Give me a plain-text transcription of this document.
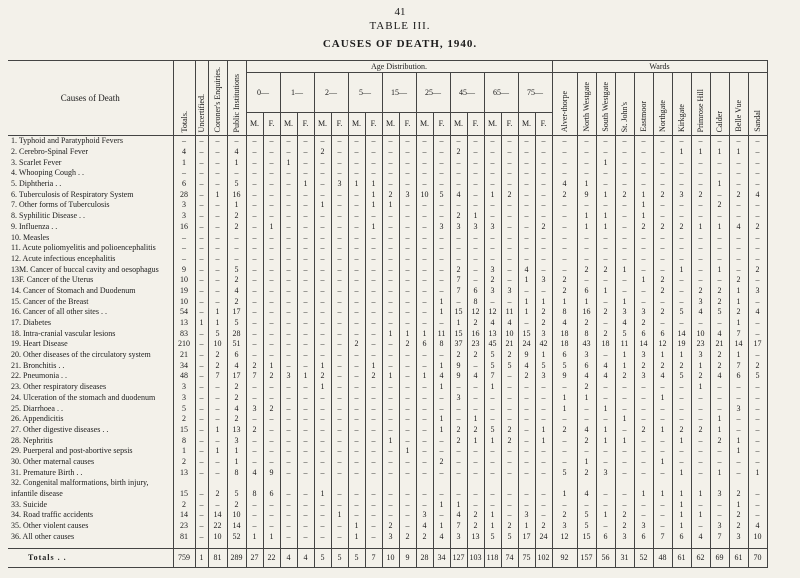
41
TABLE III.
CAUSES OF DEATH, 1940.
Causes of Death	Totals.	Uncertified.	Coroner's Enquiries.	Public Institutions	Age Distribution.																		Wards										
					0—		1—		2—		5—		15—		25—		45—		65—		75—		Alver-thorpe	North Westgate	South Westgate	St. John's	Eastmoor	Northgate	Kirkgate	Primrose Hill	Calder	Belle Vue	Sandal
					M.	F.	M.	F.	M.	F.	M.	F.	M.	F.	M.	F.	M.	F.	M.	F.	M.	F.											
1. Typhoid and Paratyphoid Fevers	–	–	–	–	–	–	–	–	–	–	–	–	–	–	–	–	–	–	–	–	–	–	–	–	–	–	–	–	–	–	–	–	–
2. Cerebro-Spinal Fever	4	–	–	4	–	–	–	–	2	–	–	–	–	–	–	–	2	–	–	–	–	–	–	–	–	–	–	–	1	1	1	1	–
3. Scarlet Fever	1	–	–	1	–	–	1	–	–	–	–	–	–	–	–	–	–	–	–	–	–	–	–	–	1	–	–	–	–	–	–	–	–
4. Whooping Cough . .	–	–	–	–	–	–	–	–	–	–	–	–	–	–	–	–	–	–	–	–	–	–	–	–	–	–	–	–	–	–	–	–	–
5. Diphtheria . .	6	–	–	5	–	–	–	1	–	3	1	1	–	–	–	–	–	–	–	–	–	–	4	1	–	–	–	–	–	–	1	–	–
6. Tuberculosis of Respiratory System	28	–	1	16	–	–	–	–	–	–	–	1	2	3	10	5	4	–	1	2	–	–	2	9	1	2	1	2	3	2	–	2	4
7. Other forms of Tuberculosis	3	–	–	1	–	–	–	–	1	–	–	1	1	–	–	–	–	–	–	–	–	–	–	–	–	–	1	–	–	–	2	–	–
8. Syphilitic Disease . .	3	–	–	2	–	–	–	–	–	–	–	–	–	–	–	–	2	1	–	–	–	–	–	1	1	–	1	–	–	–	–	–	–
9. Influenza . .	16	–	–	2	–	1	–	–	–	–	–	1	–	–	–	3	3	3	3	–	–	2	–	1	1	–	2	2	2	1	1	4	2
10. Measles	–	–	–	–	–	–	–	–	–	–	–	–	–	–	–	–	–	–	–	–	–	–	–	–	–	–	–	–	–	–	–	–	–
11. Acute poliomyelitis and polioencephalitis	–	–	–	–	–	–	–	–	–	–	–	–	–	–	–	–	–	–	–	–	–	–	–	–	–	–	–	–	–	–	–	–	–
12. Acute infectious encephalitis	–	–	–	–	–	–	–	–	–	–	–	–	–	–	–	–	–	–	–	–	–	–	–	–	–	–	–	–	–	–	–	–	–
13M. Cancer of buccal cavity and oesophagus	9	–	–	5	–	–	–	–	–	–	–	–	–	–	–	–	2	–	3	–	4	–	–	2	2	1	–	–	1	–	1	–	2
13F. Cancer of the Uterus	10	–	–	2	–	–	–	–	–	–	–	–	–	–	–	–	7	–	2	–	1	3	2	–	–	–	1	2	–	–	–	2	–
14. Cancer of Stomach and Duodenum	19	–	–	4	–	–	–	–	–	–	–	–	–	–	–	–	7	6	3	3	–	–	2	6	1	–	–	2	–	2	2	1	3
15. Cancer of the Breast	10	–	–	2	–	–	–	–	–	–	–	–	–	–	–	1	–	8	–	–	1	1	1	1	–	1	–	–	–	3	2	1	–
16. Cancer of all other sites . .	54	–	1	17	–	–	–	–	–	–	–	–	–	–	–	1	15	12	12	11	1	2	8	16	2	3	3	2	5	4	5	2	4
17. Diabetes	13	1	1	5	–	–	–	–	–	–	–	–	–	–	–	–	1	2	4	4	–	2	4	2	–	4	2	–	–	–	–	1	–
18. Intra-cranial vascular lesions	83	–	5	28	–	–	–	–	–	–	–	–	1	1	1	11	15	16	13	10	15	3	18	8	2	5	6	6	14	10	4	7	–
19. Heart Disease	210	–	10	51	–	–	–	–	–	–	2	–	–	2	6	8	37	23	45	21	24	42	18	43	18	11	14	12	19	23	21	14	17
20. Other diseases of the circulatory system	21	–	2	6	–	–	–	–	–	–	–	–	–	–	–	–	2	2	5	2	9	1	6	3	–	1	3	1	1	3	2	1	–
21. Bronchitis . .	34	–	2	4	2	1	–	–	1	–	–	1	–	–	–	1	9	–	5	5	4	5	5	6	4	1	2	2	2	1	2	7	2
22. Pneumonia . .	48	–	7	17	7	2	3	1	2	–	–	2	1	–	1	4	9	4	7	–	2	3	9	4	4	2	3	4	5	2	4	6	5
23. Other respiratory diseases	3	–	–	2	–	–	–	–	1	–	–	–	–	–	–	1	–	–	1	–	–	–	–	2	–	–	–	–	–	1	–	–	–
24. Ulceration of the stomach and duodenum	3	–	–	2	–	–	–	–	–	–	–	–	–	–	–	–	3	–	–	–	–	–	1	1	–	–	–	1	–	–	–	–	–
25. Diarrhoea . .	5	–	–	4	3	2	–	–	–	–	–	–	–	–	–	–	–	–	–	–	–	–	1	–	1	–	–	–	–	–	–	3	–
26. Appendicitis	2	–	–	2	–	–	–	–	–	–	–	–	–	–	–	1	–	1	–	–	–	–	–	–	–	1	–	–	–	–	1	–	–
27. Other digestive diseases . .	15	–	1	13	2	–	–	–	–	–	–	–	–	–	–	1	2	2	5	2	–	1	2	4	1	–	2	1	2	2	1	–	–
28. Nephritis	8	–	–	3	–	–	–	–	–	–	–	–	1	–	–	–	2	1	1	2	–	1	–	2	1	1	–	–	1	–	2	1	–
29. Puerperal and post-abortive sepsis	1	–	1	1	–	–	–	–	–	–	–	–	–	1	–	–	–	–	–	–	–	–	–	–	–	–	–	–	–	–	–	1	–
30. Other maternal causes	2	–	–	1	–	–	–	–	–	–	–	–	–	–	–	2	–	–	–	–	–	–	–	1	–	–	–	1	–	–	–	–	–
31. Premature Birth . .	13	–	–	8	4	9	–	–	–	–	–	–	–	–	–	–	–	–	–	–	–	–	5	2	3	–	–	–	1	–	1	–	1
32. Congenital malformations, birth injury,																																	
infantile disease	15	–	2	5	8	6	–	–	1	–	–	–	–	–	–	–	–	–	–	–	–	–	1	4	–	–	1	1	1	1	3	2	–
33. Suicide	2	–	–	2	–	–	–	–	–	–	–	–	–	–	–	1	1	–	–	–	–	–	–	–	–	–	–	–	1	–	–	1	–
34. Road traffic accidents	14	–	14	10	–	–	–	–	–	1	–	–	–	–	3	–	4	2	1	–	3	–	2	5	1	2	–	–	1	1	–	2	–
35. Other violent causes	23	–	22	14	–	–	–	–	–	–	1	–	2	–	4	1	7	2	1	2	1	2	3	5	–	2	3	–	1	–	3	2	4
36. All other causes	81	–	10	52	1	1	–	–	–	–	1	–	3	2	2	4	3	13	5	5	17	24	12	15	6	3	6	7	6	4	7	3	10

Totals . .	759	1	81	289	27	22	4	4	5	5	5	7	10	9	28	34	127	103	118	74	75	102	92	157	56	31	52	48	61	62	69	61	70
